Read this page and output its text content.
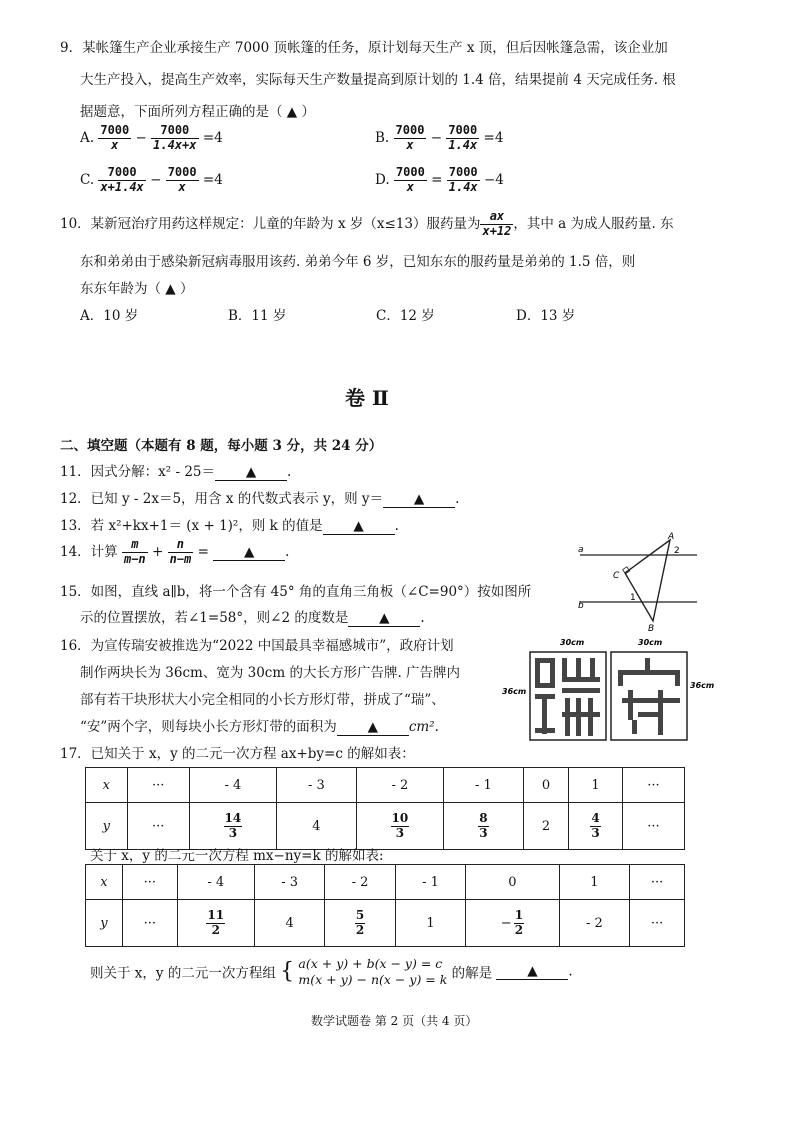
9．某帐篷生产企业承接生产 7000 顶帐篷的任务，原计划每天生产 x 顶，但后因帐篷急需，该企业加
大生产投入，提高生产效率，实际每天生产数量提高到原计划的 1.4 倍，结果提前 4 天完成任务. 根
据题意，下面所列方程正确的是（ ▲ ）
A. $\frac{7000}{x} - \frac{7000}{1.4x+x} =4$	B. $\frac{7000}{x} - \frac{7000}{1.4x} =4$
C. $\frac{7000}{x+1.4x} - \frac{7000}{x} =4$	D. $\frac{7000}{x} = \frac{7000}{1.4x} -4$
10．某新冠治疗用药这样规定：儿童的年龄为 x 岁（x≤13）服药量为 $\frac{ax}{x+12}$ ，其中 a 为成人服药量. 东
东和弟弟由于感染新冠病毒服用该药. 弟弟今年 6 岁，已知东东的服药量是弟弟的 1.5 倍，则
东东年龄为（ ▲ ）
A．10 岁	B．11 岁	C．12 岁	D．13 岁
卷 Ⅱ
二、填空题（本题有 8 题，每小题 3 分，共 24 分）
11．因式分解：x² - 25＝ ▲ .
12．已知 y - 2x＝5，用含 x 的代数式表示 y，则 y＝ ▲ .
13．若 x²+kx+1＝ (x + 1)²，则 k 的值是 ▲ .
14．计算 $\frac{m}{m-n} + \frac{n}{n-m}$ =	▲ .
15．如图，直线 a∥b，将一个含有 45° 角的直角三角板（∠C=90°）按如图所
示的位置摆放，若∠1=58°，则∠2 的度数是 ▲ .
a
b
A
B
C
1
2
16．为宣传瑞安被推选为“2022 中国最具幸福感城市”，政府计划
制作两块长为 36cm、宽为 30cm 的大长方形广告牌. 广告牌内
部有若干块形状大小完全相同的小长方形灯带，拼成了“瑞”、
“安”两个字，则每块小长方形灯带的面积为 ▲ cm².
30cm	30cm
36cm
36cm
17．已知关于 x，y 的二元一次方程 ax+by=c 的解如表：
x	···	- 4	- 3	- 2	- 1	0	1	···
y	···	$\frac{14}{3}$	4	$\frac{10}{3}$	$\frac{8}{3}$	2	$\frac{4}{3}$	···
关于 x，y 的二元一次方程 mx−ny=k 的解如表:
x	···	- 4	- 3	- 2	- 1	0	1	···
y	···	$\frac{11}{2}$	4	$\frac{5}{2}$	1	− $\frac{1}{2}$	- 2	···
则关于 x，y 的二元一次方程组 { a(x + y) + b(x − y) = c
m(x + y) − n(x − y) = k 的解是	▲ .
数学试题卷 第 2 页（共 4 页）
